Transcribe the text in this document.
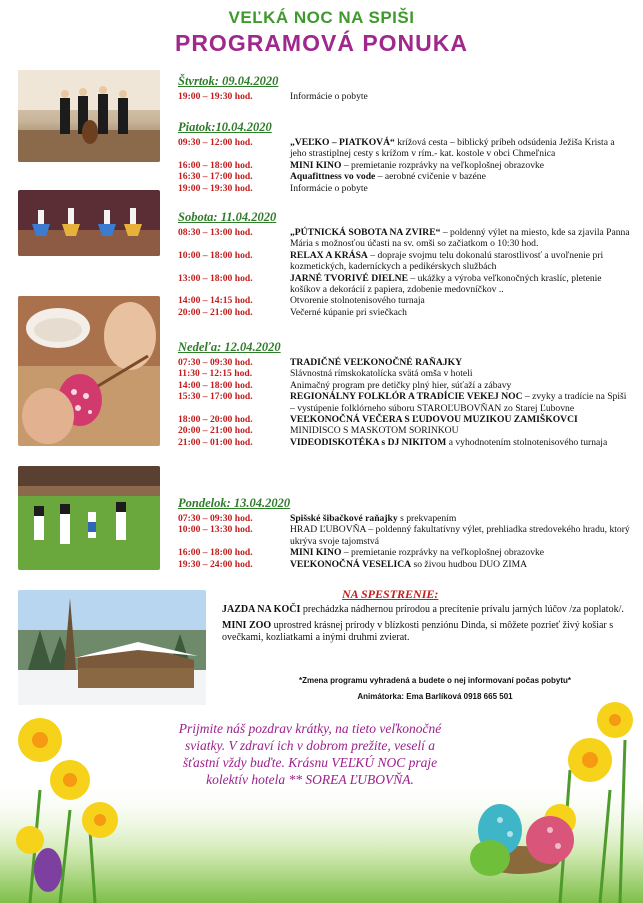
VEĽKÁ NOC NA SPIŠI
PROGRAMOVÁ PONUKA
Štvrtok: 09.04.2020
19:00 – 19:30 hod.	Informácie o pobyte
Piatok:10.04.2020
09:30 – 12:00 hod.	„VEĽKO – PIATKOVÁ“ krížová cesta – biblický príbeh odsúdenia Ježiša Krista a jeho strastiplnej cesty s krížom v rím.- kat. kostole v obci Chmeľnica
16:00 – 18:00 hod.	MINI KINO – premietanie rozprávky na veľkoplošnej obrazovke
16:30 – 17:00 hod.	Aquafittness vo vode – aerobné cvičenie v bazéne
19:00 – 19:30 hod.	Informácie o pobyte
Sobota: 11.04.2020
08:30 – 13:00 hod.	„PÚTNICKÁ SOBOTA NA ZVIRE“ – poldenný výlet na miesto, kde sa zjavila Panna Mária s možnosťou účasti na sv. omši so začiatkom o 10:30 hod.
10:00 – 18:00 hod.	RELAX A KRÁSA – dopraje svojmu telu dokonalú starostlivosť a uvoľnenie pri kozmetických, kaderníckych a pedikérskych službách
13:00 – 18:00 hod.	JARNÉ TVORIVÉ DIELNE – ukážky a výroba veľkonočných kraslíc, pletenie košíkov a dekorácií z papiera, zdobenie medovníčkov ..
14:00 – 14:15 hod.	Otvorenie stolnotenisového turnaja
20:00 – 21:00 hod.	Večerné kúpanie pri sviečkach
Nedeľa: 12.04.2020
07:30 – 09:30 hod.	TRADIČNÉ VEĽKONOČNÉ RAŇAJKY
11:30 – 12:15 hod.	Slávnostná rímskokatolícka svätá omša v hoteli
14:00 – 18:00 hod.	Animačný program pre detičky plný hier, súťaží a zábavy
15:30 – 17:00 hod.	REGIONÁLNY FOLKLÓR A TRADÍCIE VEKEJ NOC – zvyky a tradície na Spiši – vystúpenie folklórneho súboru STAROĽUBOVŇAN zo Starej Ľubovne
18:00 – 20:00 hod.	VEĽKONOČNÁ VEČERA S ĽUDOVOU MUZIKOU ZAMIŠKOVCI
20:00 – 21:00 hod.	MINIDISCO S MASKOTOM SORINKOU
21:00 – 01:00 hod.	VIDEODISKOTÉKA s DJ NIKITOM a vyhodnotením stolnotenisového turnaja
Pondelok: 13.04.2020
07:30 – 09:30 hod.	Spišské šibačkové raňajky s prekvapením
10:00 – 13:30 hod.	HRAD ĽUBOVŇA – poldenný fakultatívny výlet, prehliadka stredovekého hradu, ktorý ukrýva svoje tajomstvá
16:00 – 18:00 hod.	MINI KINO – premietanie rozprávky na veľkoplošnej obrazovke
19:30 – 24:00 hod.	VEĽKONOČNÁ VESELICA so živou hudbou DUO ZIMA
NA SPESTRENIE:

JAZDA NA KOČI prechádzka nádhernou prírodou a precítenie prívalu jarných lúčov /za poplatok/.

MINI ZOO uprostred krásnej prírody v blízkosti penziónu Dinda, si môžete pozrieť živý košiar s ovečkami, kozliatkami a inými druhmi zvierat.

*Zmena programu vyhradená a budete o nej informovaní počas pobytu*
Animátorka: Ema Barlíková 0918 665 501
Prijmite náš pozdrav krátky, na tieto veľkonočné sviatky. V zdraví ich v dobrom prežite, veselí a šťastní vždy buďte. Krásnu VEĽKÚ NOC praje kolektív hotela ** SOREA ĽUBOVŇA.
